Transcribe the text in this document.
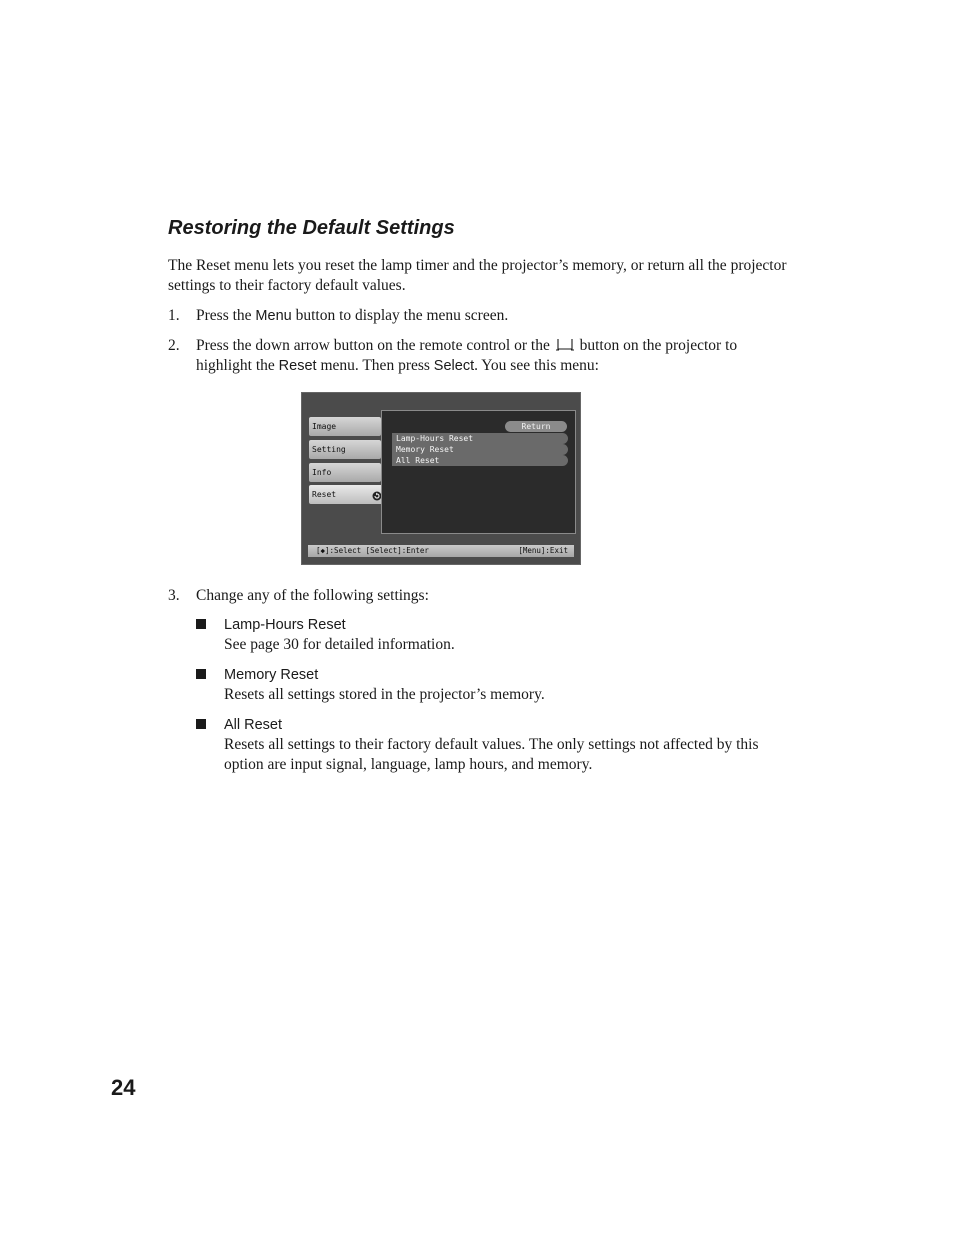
Restoring the Default Settings

The Reset menu lets you reset the lamp timer and the projector’s memory, or return all the projector settings to their factory default values.

1. Press the Menu button to display the menu screen.
2. Press the down arrow button on the remote control or the
button on the projector to highlight the Reset menu. Then press Select. You see this menu:
Image
Setting
Info
Reset
Return
Lamp-Hours Reset
Memory Reset
All Reset
[◆]:Select [Select]:Enter	[Menu]:Exit
3. Change any of the following settings:
Lamp-Hours Reset
See page 30 for detailed information.
Memory Reset
Resets all settings stored in the projector’s memory.
All Reset
Resets all settings to their factory default values. The only settings not affected by this option are input signal, language, lamp hours, and memory.

24
